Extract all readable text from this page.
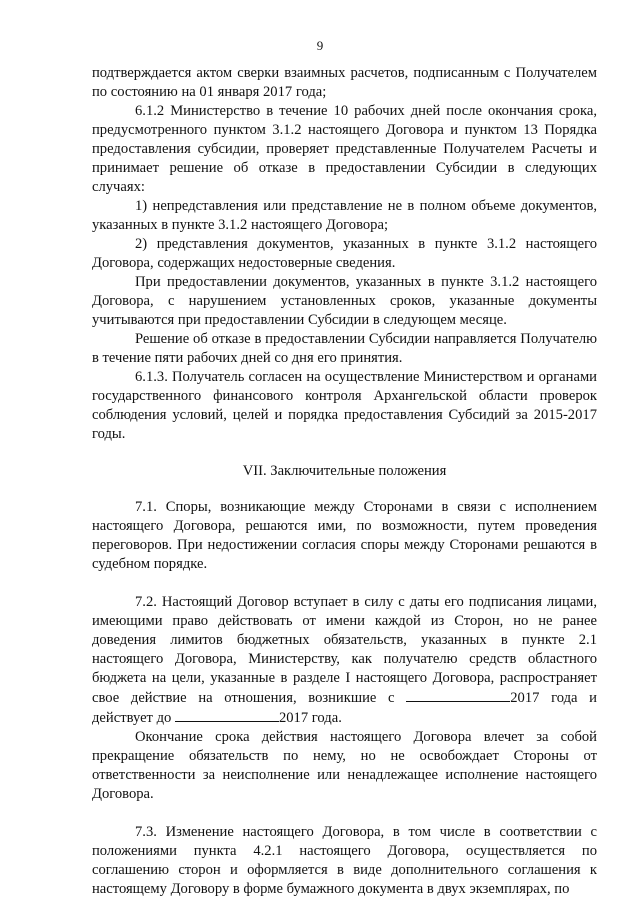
9

подтверждается актом сверки взаимных расчетов, подписанным с Получателем по состоянию на 01 января 2017 года;

6.1.2 Министерство в течение 10 рабочих дней после окончания срока, предусмотренного пунктом 3.1.2 настоящего Договора и пунктом 13 Порядка предоставления субсидии, проверяет представленные Получателем Расчеты и принимает решение об отказе в предоставлении Субсидии в следующих случаях:

1) непредставления или представление не в полном объеме документов, указанных в пункте 3.1.2 настоящего Договора;

2) представления документов, указанных в пункте 3.1.2 настоящего Договора, содержащих недостоверные сведения.

При предоставлении документов, указанных в пункте 3.1.2 настоящего Договора, с нарушением установленных сроков, указанные документы учитываются при предоставлении Субсидии в следующем месяце.

Решение об отказе в предоставлении Субсидии направляется Получателю в течение пяти рабочих дней со дня его принятия.

6.1.3. Получатель согласен на осуществление Министерством и органами государственного финансового контроля Архангельской области проверок соблюдения условий, целей и порядка предоставления Субсидий за 2015-2017 годы.

VII. Заключительные положения

7.1. Споры, возникающие между Сторонами в связи с исполнением настоящего Договора, решаются ими, по возможности, путем проведения переговоров. При недостижении согласия споры между Сторонами решаются в судебном порядке.

7.2. Настоящий Договор вступает в силу с даты его подписания лицами, имеющими право действовать от имени каждой из Сторон, но не ранее доведения лимитов бюджетных обязательств, указанных в пункте 2.1 настоящего Договора, Министерству, как получателю средств областного бюджета на цели, указанные в разделе I настоящего Договора, распространяет свое действие на отношения, возникшие с	2017 года и действует до	2017 года.

Окончание срока действия настоящего Договора влечет за собой прекращение обязательств по нему, но не освобождает Стороны от ответственности за неисполнение или ненадлежащее исполнение настоящего Договора.

7.3. Изменение настоящего Договора, в том числе в соответствии с положениями пункта 4.2.1 настоящего Договора, осуществляется по соглашению сторон и оформляется в виде дополнительного соглашения к настоящему Договору в форме бумажного документа в двух экземплярах, по
